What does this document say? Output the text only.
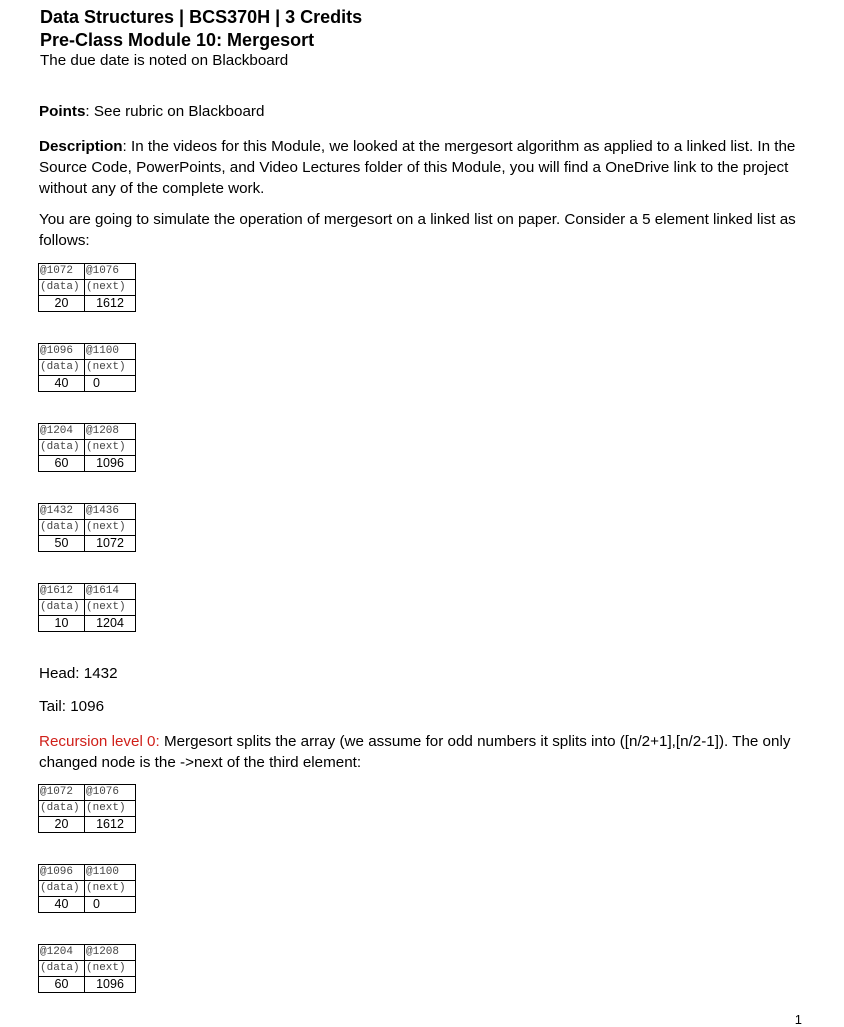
Data Structures | BCS370H | 3 Credits

Pre-Class Module 10: Mergesort

The due date is noted on Blackboard

Points: See rubric on Blackboard

Description: In the videos for this Module, we looked at the mergesort algorithm as applied to a linked list. In the Source Code, PowerPoints, and Video Lectures folder of this Module, you will find a OneDrive link to the project without any of the complete work.

You are going to simulate the operation of mergesort on a linked list on paper. Consider a 5 element linked list as follows:

@1072	@1076
(data)	(next)
20	1612
@1096	@1100
(data)	(next)
40	0
@1204	@1208
(data)	(next)
60	1096
@1432	@1436
(data)	(next)
50	1072
@1612	@1614
(data)	(next)
10	1204

Head: 1432

Tail: 1096

Recursion level 0: Mergesort splits the array (we assume for odd numbers it splits into ([n/2+1],[n/2-1]). The only changed node is the ->next of the third element:

@1072	@1076
(data)	(next)
20	1612
@1096	@1100
(data)	(next)
40	0
@1204	@1208
(data)	(next)
60	1096

1
